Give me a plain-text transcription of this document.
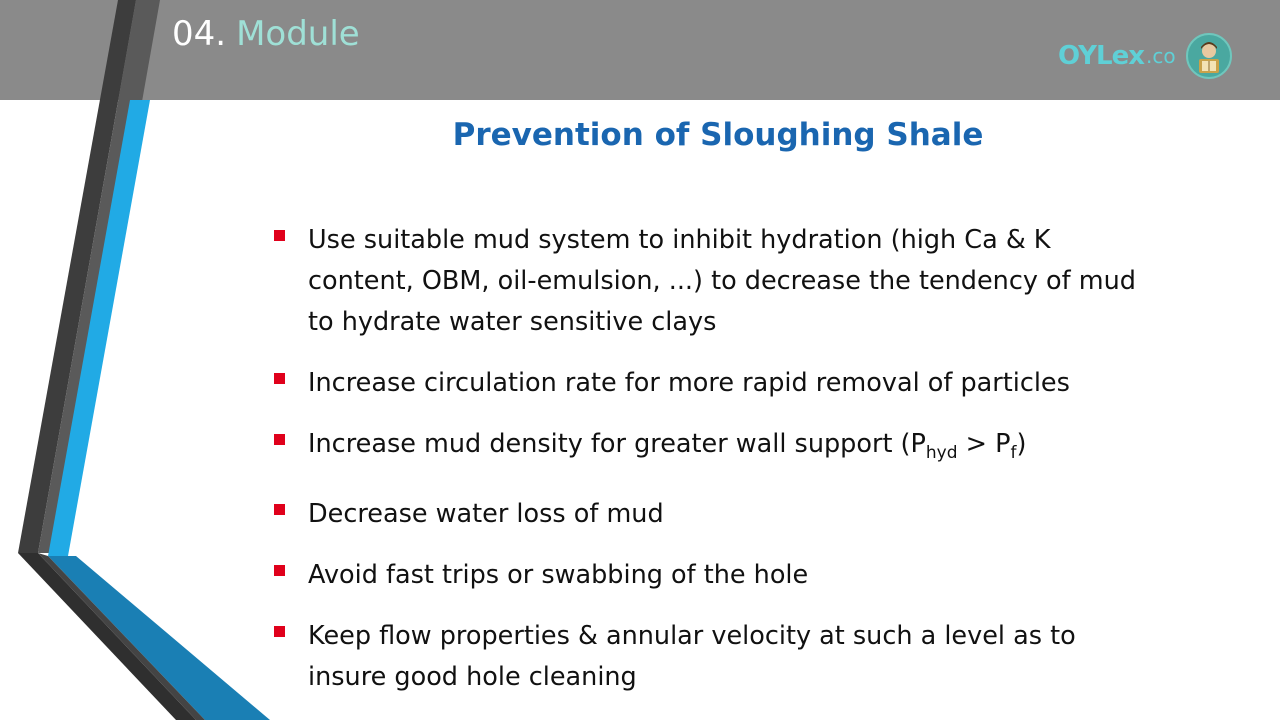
04. Module
OYLex .co
Prevention of Sloughing Shale
Use suitable mud system to inhibit hydration (high Ca & K content, OBM, oil-emulsion, ...) to decrease the tendency of mud to hydrate water sensitive clays
Increase circulation rate for more rapid removal of particles
Increase mud density for greater wall support $(P_{hyd} > P_f)$
Decrease water loss of mud
Avoid fast trips or swabbing of the hole
Keep flow properties & annular velocity at such a level as to insure good hole cleaning
